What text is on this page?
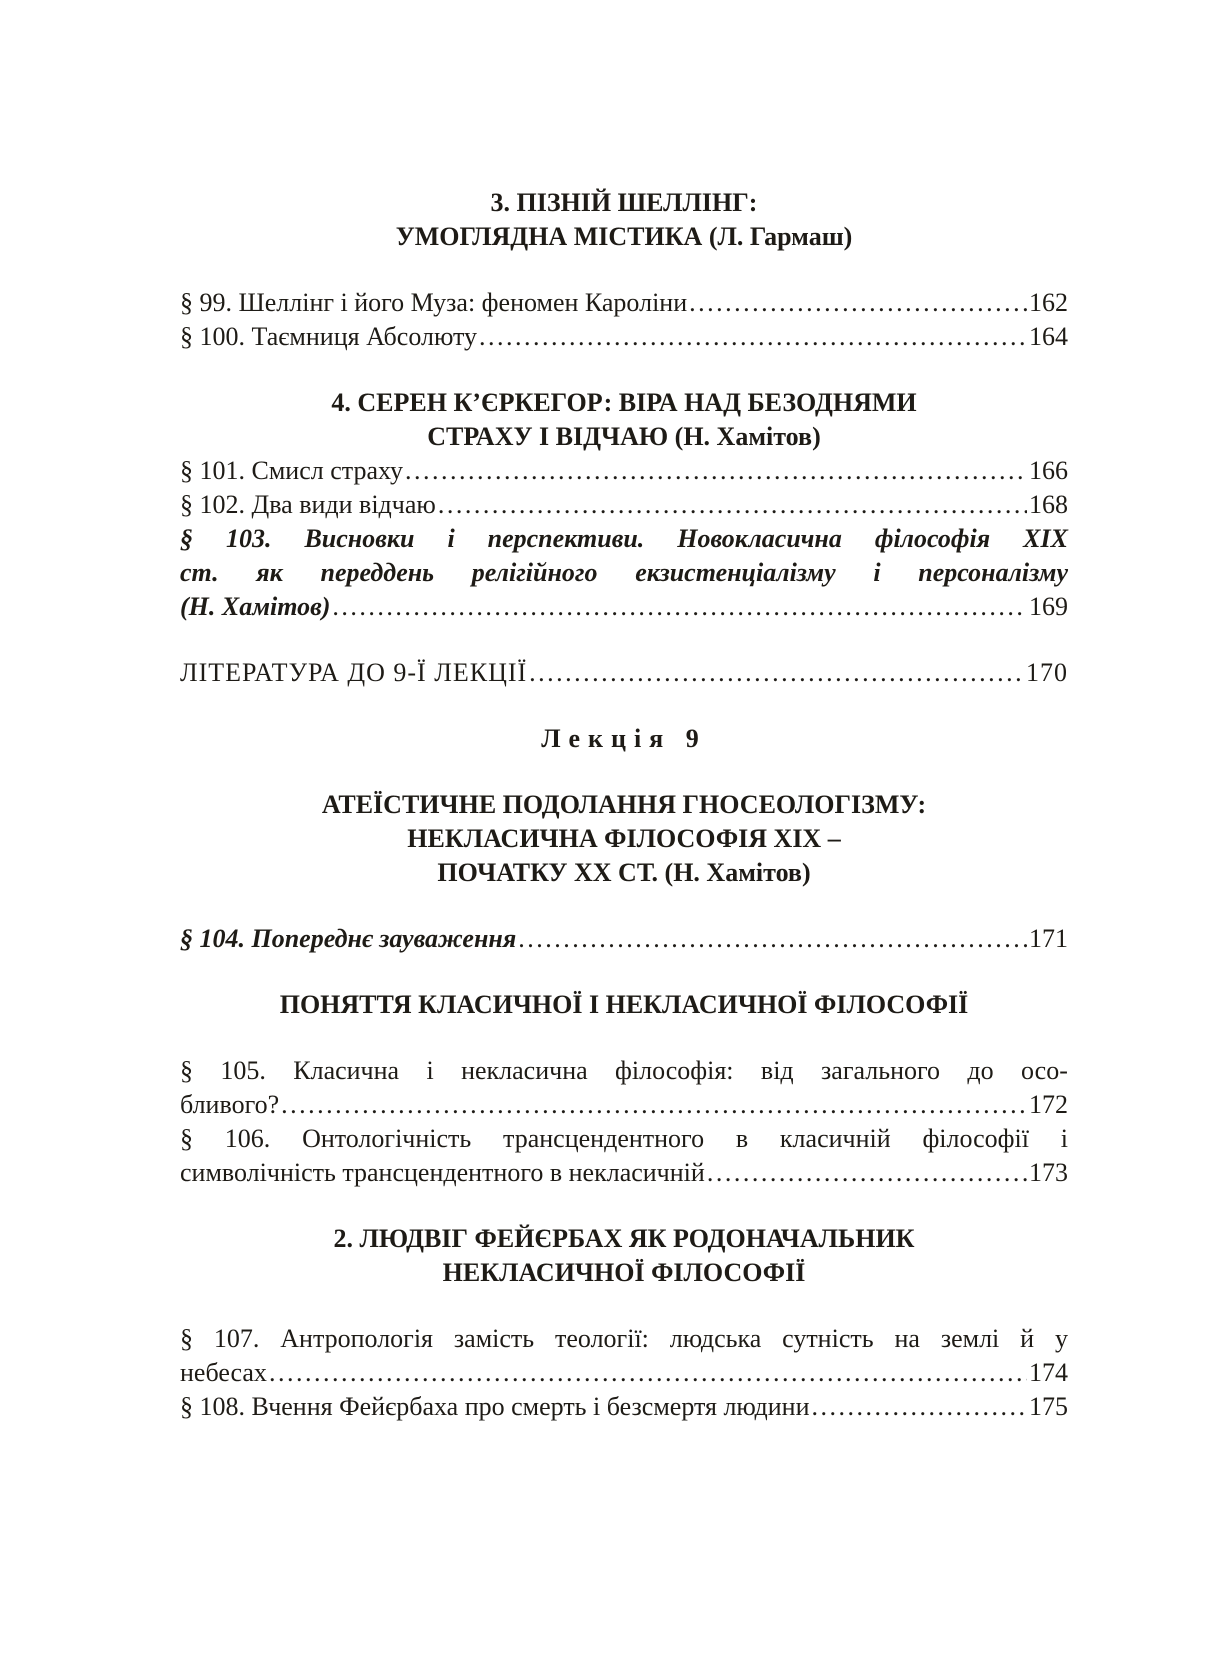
3. ПІЗНІЙ ШЕЛЛІНГ:
УМОГЛЯДНА МІСТИКА (Л. Гармаш)
§ 99. Шеллінг і його Муза: феномен Кароліни .....	162
§ 100. Таємниця Абсолюту .....	164
4. СЕРЕН К’ЄРКЕГОР: ВІРА НАД БЕЗОДНЯМИ
СТРАХУ І ВІДЧАЮ (Н. Хамітов)
§ 101. Смисл страху .....	166
§ 102. Два види відчаю .....	168
§ 103. Висновки і перспективи. Новокласична філософія XIX
ст. як переддень релігійного екзистенціалізму і персоналізму
(Н. Хамітов) .....	169
ЛІТЕРАТУРА ДО 9-Ї ЛЕКЦІЇ .....	170
Лекція 9
АТЕЇСТИЧНЕ ПОДОЛАННЯ ГНОСЕОЛОГІЗМУ:
НЕКЛАСИЧНА ФІЛОСОФІЯ XIX –
ПОЧАТКУ XX СТ. (Н. Хамітов)
§ 104. Попереднє зауваження .....	171
ПОНЯТТЯ КЛАСИЧНОЇ І НЕКЛАСИЧНОЇ ФІЛОСОФІЇ
§ 105. Класична і некласична філософія: від загального до осо-
бливого? .....	172
§ 106. Онтологічність трансцендентного в класичній філософії і
символічність трансцендентного в некласичній .....	173
2. ЛЮДВІГ ФЕЙЄРБАХ ЯК РОДОНАЧАЛЬНИК
НЕКЛАСИЧНОЇ ФІЛОСОФІЇ
§ 107. Антропологія замість теології: людська сутність на землі й у
небесах .....	174
§ 108. Вчення Фейєрбаха про смерть і безсмертя людини .....	175
